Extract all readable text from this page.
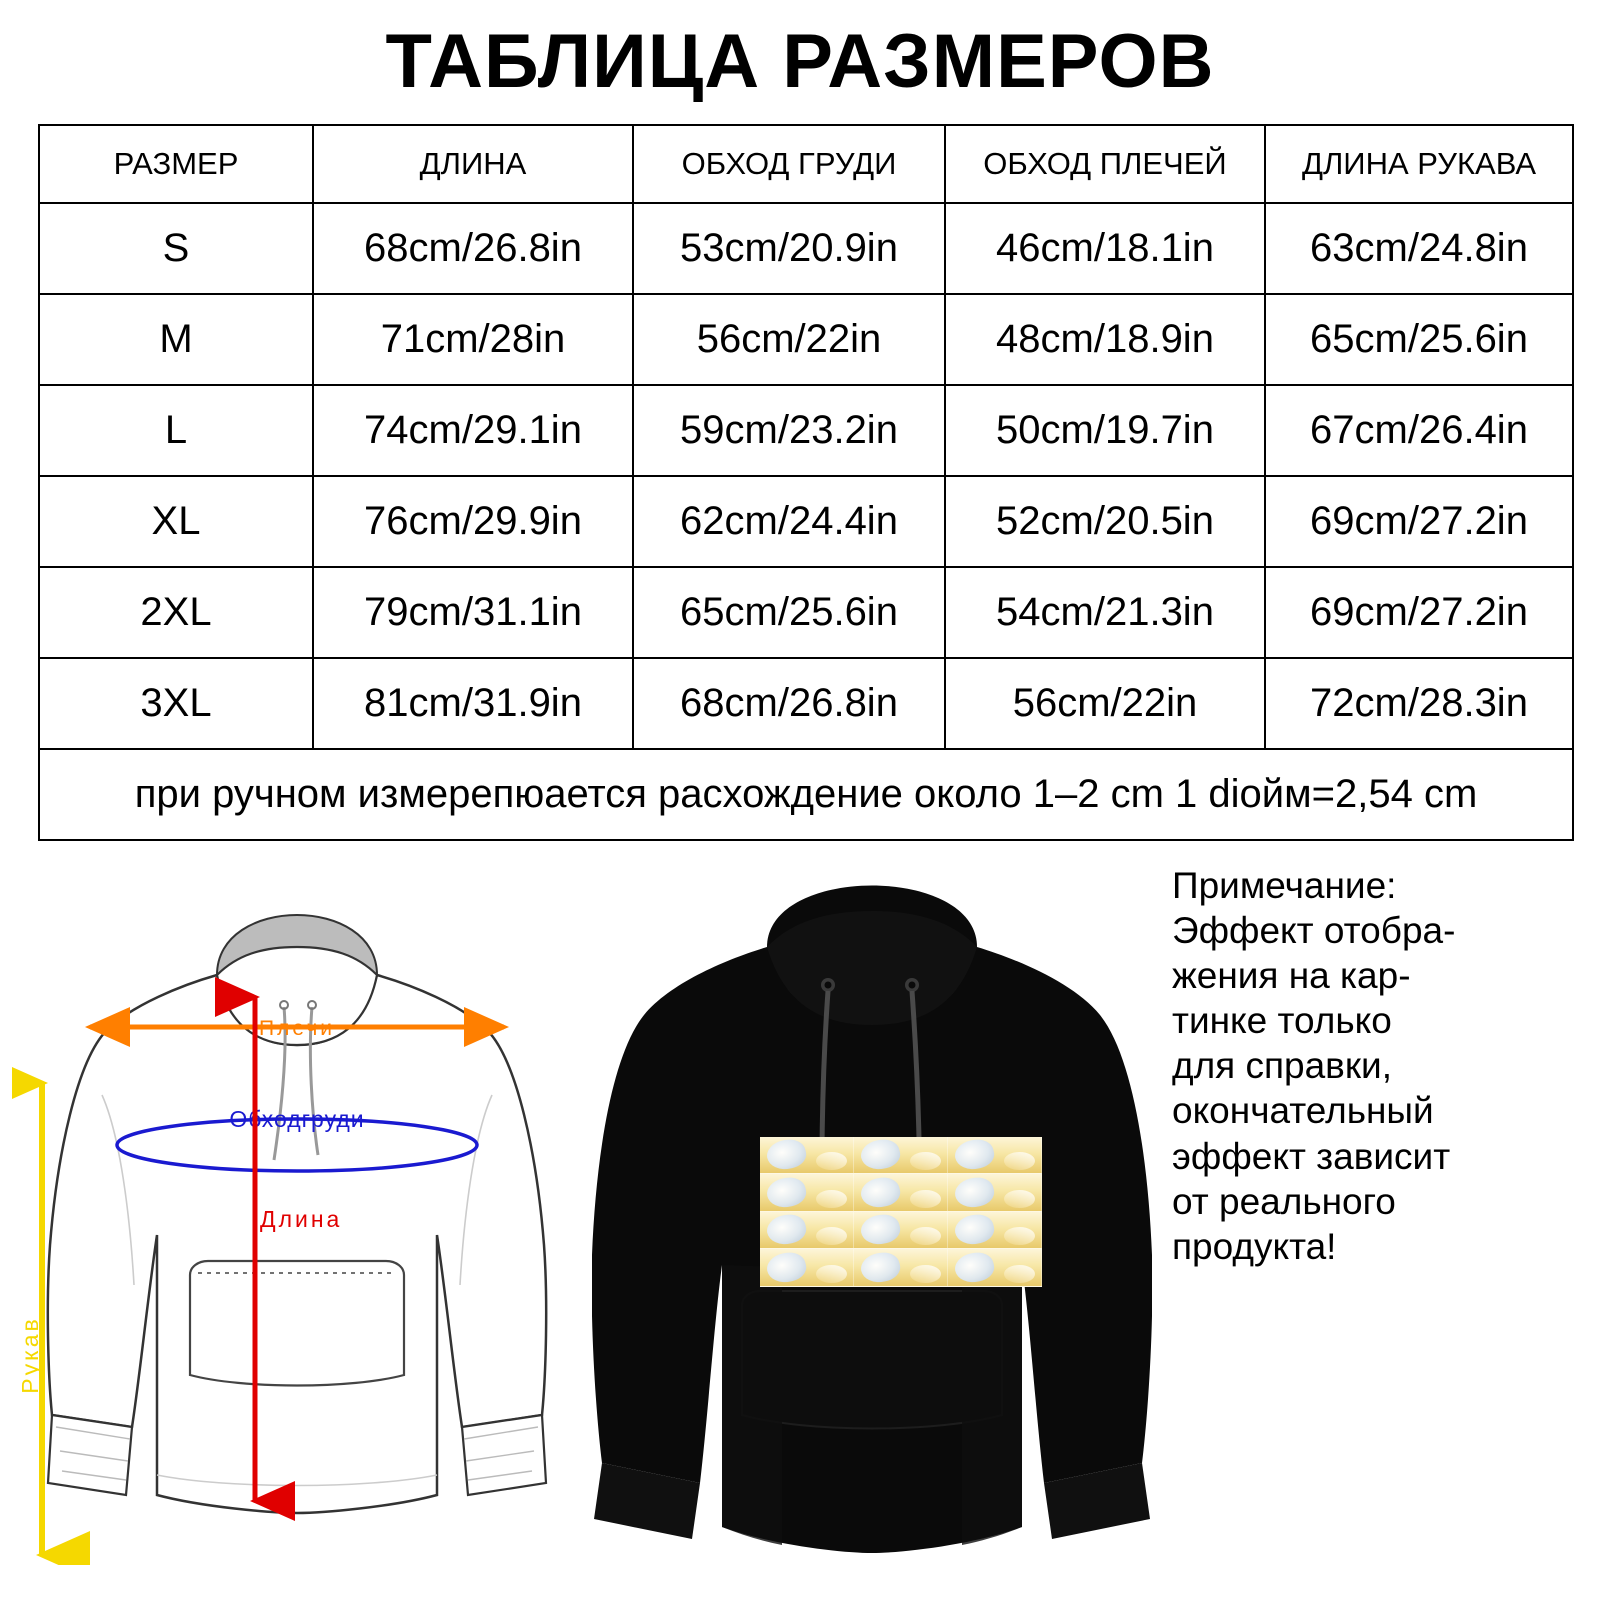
ТАБЛИЦА РАЗМЕРОВ
РАЗМЕР	ДЛИНА	ОБХОД ГРУДИ	ОБХОД ПЛЕЧЕЙ	ДЛИНА РУКАВА
S	68cm/26.8in	53cm/20.9in	46cm/18.1in	63cm/24.8in
M	71cm/28in	56cm/22in	48cm/18.9in	65cm/25.6in
L	74cm/29.1in	59cm/23.2in	50cm/19.7in	67cm/26.4in
XL	76cm/29.9in	62cm/24.4in	52cm/20.5in	69cm/27.2in
2XL	79cm/31.1in	65cm/25.6in	54cm/21.3in	69cm/27.2in
3XL	81cm/31.9in	68cm/26.8in	56cm/22in	72cm/28.3in
при ручном измерепюается расхождение около 1–2 cm 1 dioйм=2,54 cm				
Плечи
Обходгруди
Длина
Рукав
Примечание:
Эффект отобра-
жения на кар-
тинке только
для справки,
окончательный
эффект зависит
от реального
продукта!
